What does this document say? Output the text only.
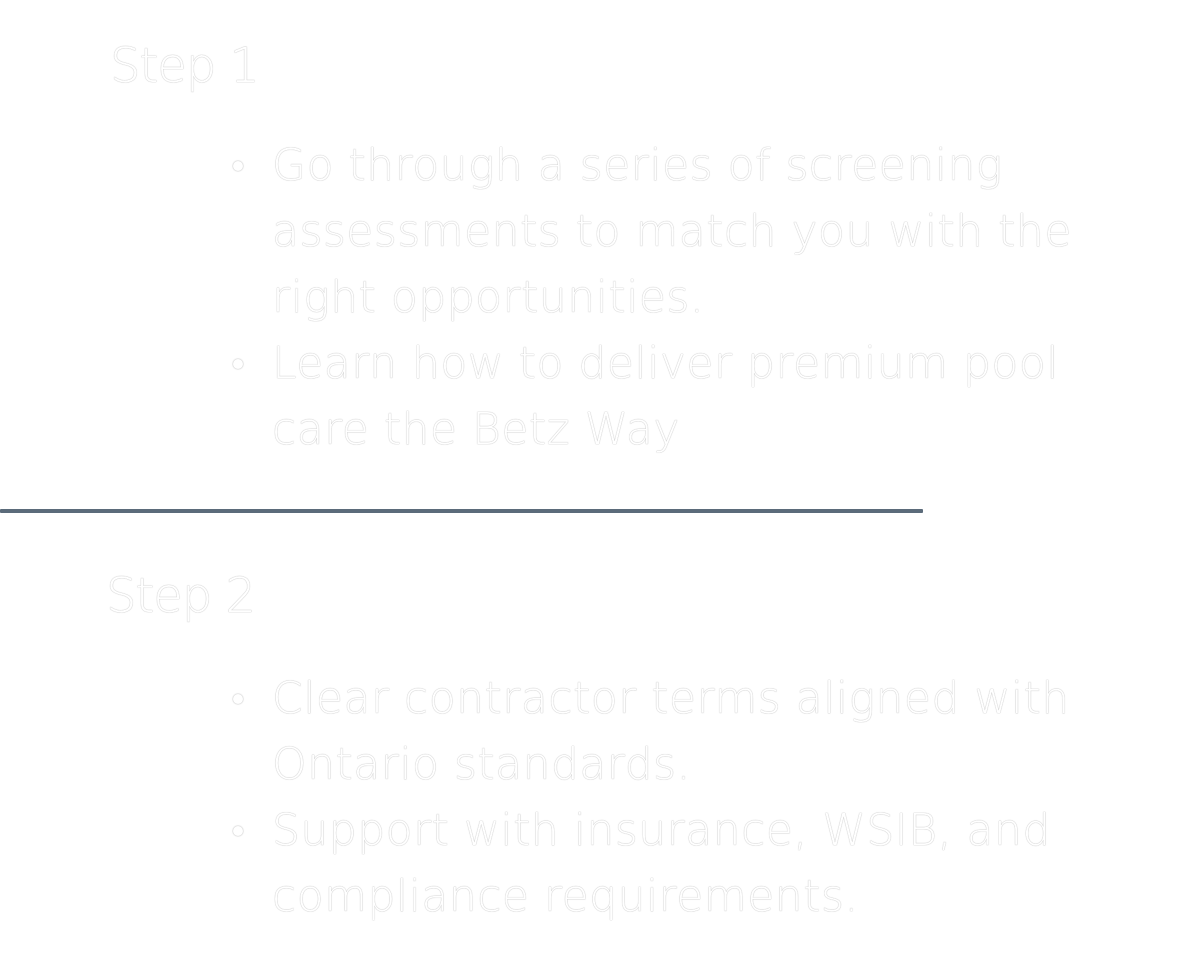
Step 1
Go through a series of screening assessments to match you with the right opportunities.
Learn how to deliver premium pool care the Betz Way
Step 2
Clear contractor terms aligned with Ontario standards.
Support with insurance, WSIB, and compliance requirements.
